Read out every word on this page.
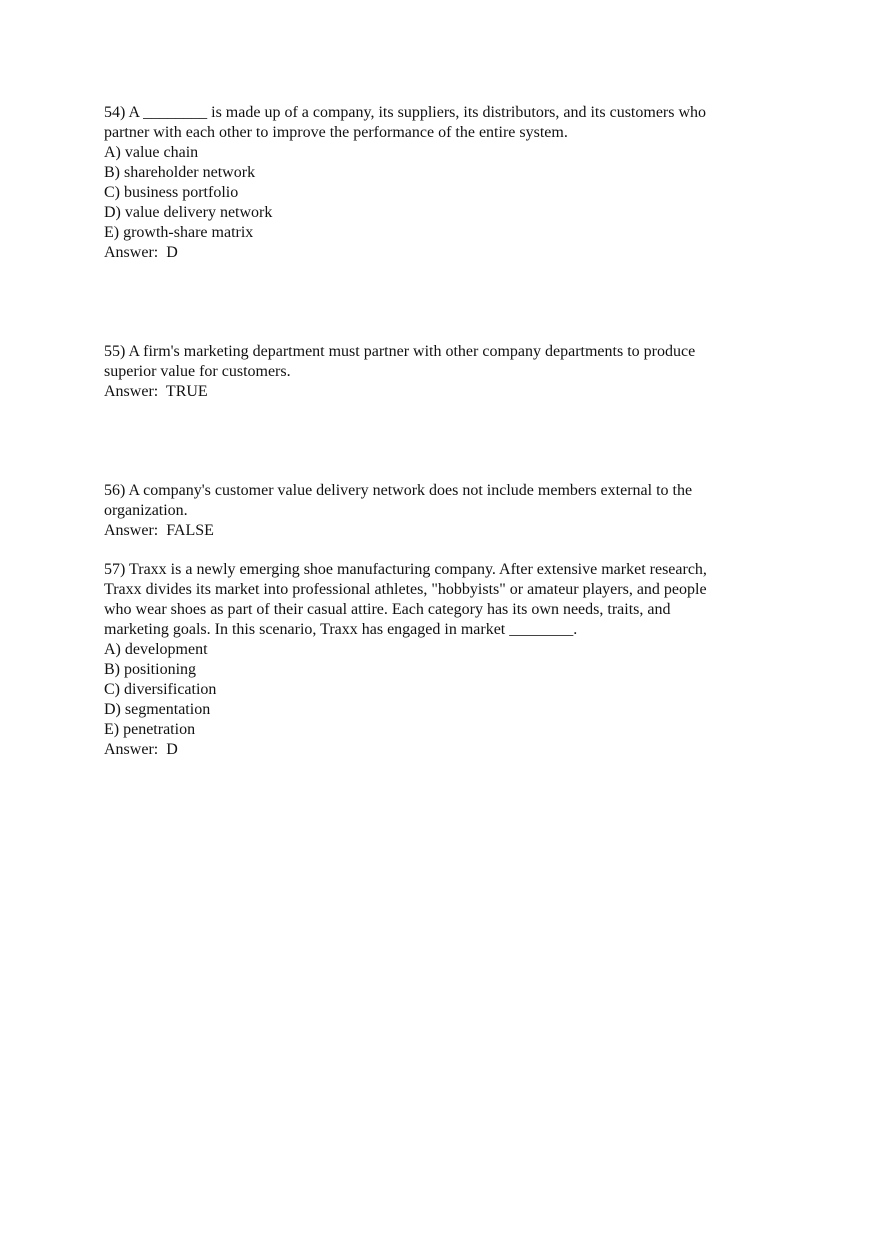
54) A ________ is made up of a company, its suppliers, its distributors, and its customers who
partner with each other to improve the performance of the entire system.
A) value chain
B) shareholder network
C) business portfolio
D) value delivery network
E) growth-share matrix
Answer:  D
55) A firm's marketing department must partner with other company departments to produce
superior value for customers.
Answer:  TRUE
56) A company's customer value delivery network does not include members external to the
organization.
Answer:  FALSE
57) Traxx is a newly emerging shoe manufacturing company. After extensive market research,
Traxx divides its market into professional athletes, "hobbyists" or amateur players, and people
who wear shoes as part of their casual attire. Each category has its own needs, traits, and
marketing goals. In this scenario, Traxx has engaged in market ________.
A) development
B) positioning
C) diversification
D) segmentation
E) penetration
Answer:  D
